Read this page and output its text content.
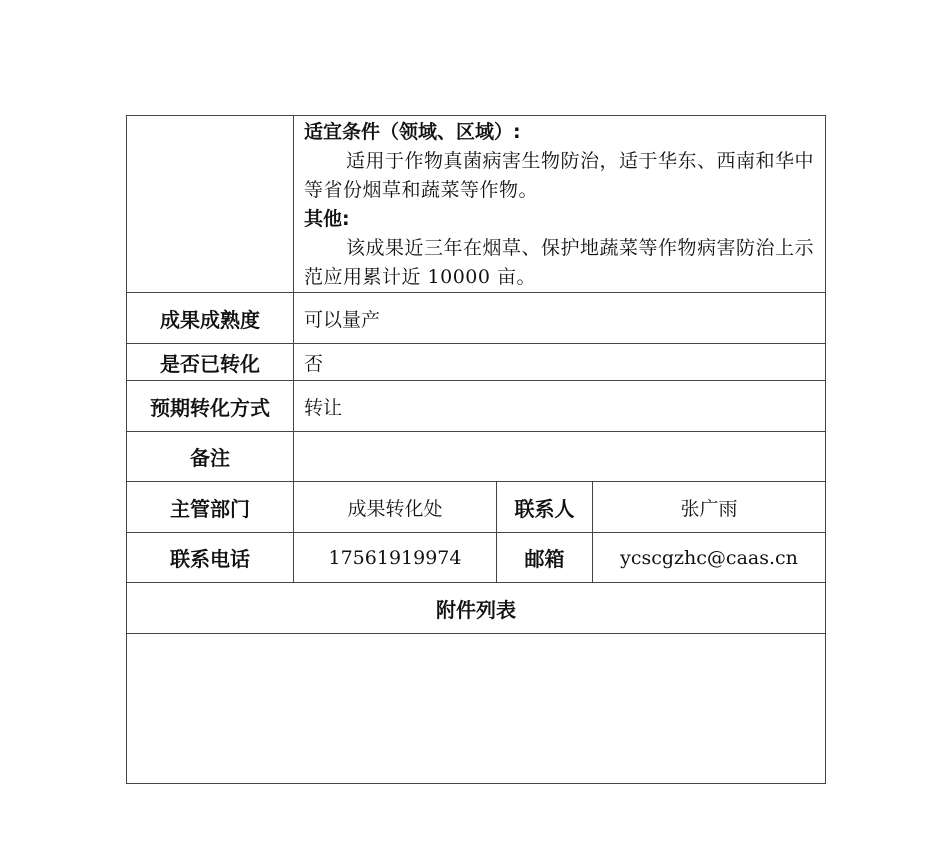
	适宜条件（领域、区域）:

适用于作物真菌病害生物防治，适于华东、西南和华中等省份烟草和蔬菜等作物。

其他:

该成果近三年在烟草、保护地蔬菜等作物病害防治上示范应用累计近 10000 亩。		

成果成熟度	可以量产		
是否已转化	否		
预期转化方式	转让		
备注			
主管部门	成果转化处	联系人	张广雨
联系电话	17561919974	邮箱	ycscgzhc@caas.cn
附件列表			
